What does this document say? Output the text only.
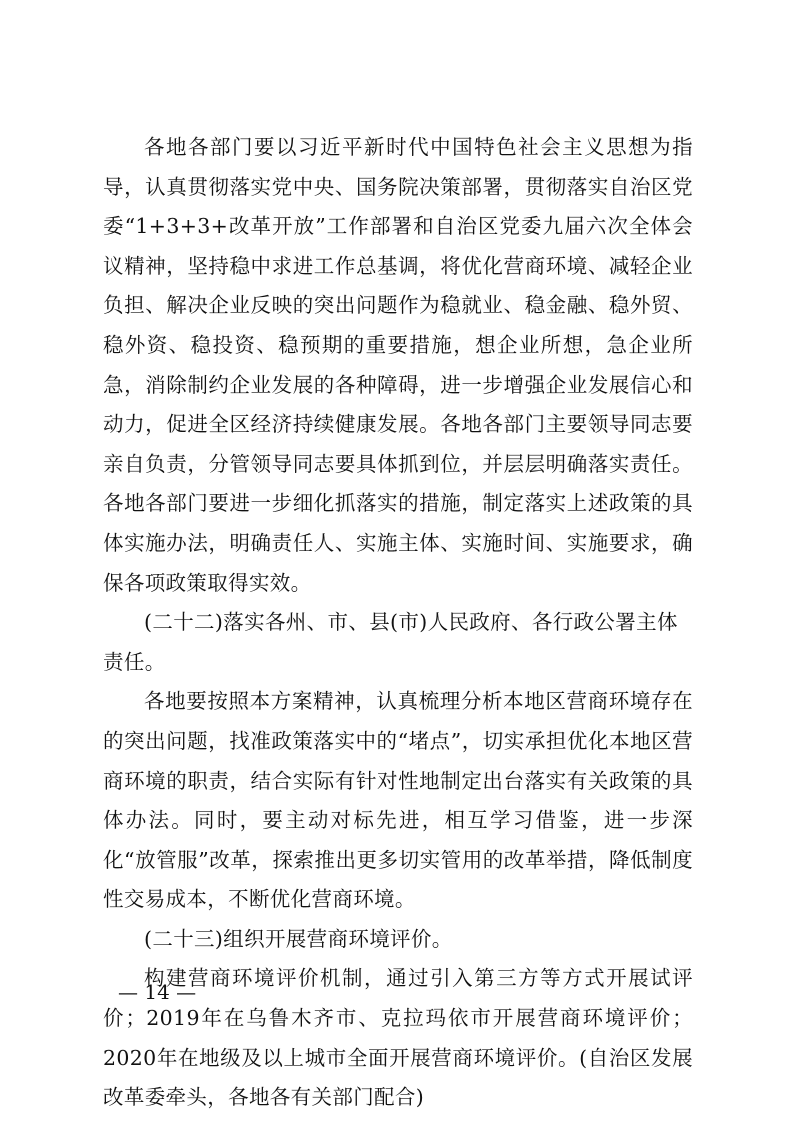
各地各部门要以习近平新时代中国特色社会主义思想为指导，认真贯彻落实党中央、国务院决策部署，贯彻落实自治区党委“1+3+3+改革开放”工作部署和自治区党委九届六次全体会议精神，坚持稳中求进工作总基调，将优化营商环境、减轻企业负担、解决企业反映的突出问题作为稳就业、稳金融、稳外贸、稳外资、稳投资、稳预期的重要措施，想企业所想，急企业所急，消除制约企业发展的各种障碍，进一步增强企业发展信心和动力，促进全区经济持续健康发展。各地各部门主要领导同志要亲自负责，分管领导同志要具体抓到位，并层层明确落实责任。各地各部门要进一步细化抓落实的措施，制定落实上述政策的具体实施办法，明确责任人、实施主体、实施时间、实施要求，确保各项政策取得实效。

(二十二)落实各州、市、县(市)人民政府、各行政公署主体责任。

各地要按照本方案精神，认真梳理分析本地区营商环境存在的突出问题，找准政策落实中的“堵点”，切实承担优化本地区营商环境的职责，结合实际有针对性地制定出台落实有关政策的具体办法。同时，要主动对标先进，相互学习借鉴，进一步深化“放管服”改革，探索推出更多切实管用的改革举措，降低制度性交易成本，不断优化营商环境。

(二十三)组织开展营商环境评价。

构建营商环境评价机制，通过引入第三方等方式开展试评价；2019年在乌鲁木齐市、克拉玛依市开展营商环境评价；2020年在地级及以上城市全面开展营商环境评价。(自治区发展改革委牵头，各地各有关部门配合)

— 14 —
